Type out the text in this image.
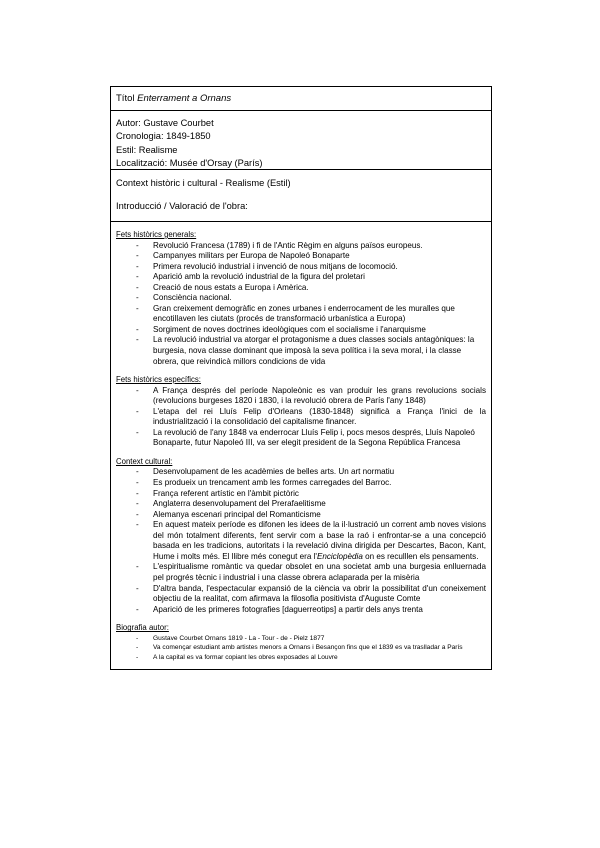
Títol Enterrament a Ornans
Autor: Gustave Courbet
Cronologia: 1849-1850
Estil: Realisme
Localització: Musée d'Orsay (París)
Context històric i cultural - Realisme (Estil)
Introducció / Valoració de l'obra:
Fets històrics generals:
- Revolució Francesa (1789) i fi de l'Antic Règim en alguns països europeus.
- Campanyes militars per Europa de Napoleó Bonaparte
- Primera revolució industrial i invenció de nous mitjans de locomoció.
- Aparició amb la revolució industrial de la figura del proletari
- Creació de nous estats a Europa i Amèrica.
- Consciència nacional.
- Gran creixement demogràfic en zones urbanes i enderrocament de les muralles que encotillaven les ciutats (procés de transformació urbanística a Europa)
- Sorgiment de noves doctrines ideològiques com el socialisme i l'anarquisme
- La revolució industrial va atorgar el protagonisme a dues classes socials antagòniques: la burgesia, nova classe dominant que imposà la seva política i la seva moral, i la classe obrera, que reivindicà millors condicions de vida
Fets històrics específics:
- A França després del període Napoleònic es van produir les grans revolucions socials (revolucions burgeses 1820 i 1830, i la revolució obrera de París l'any 1848)
- L'etapa del rei Lluís Felip d'Orleans (1830-1848) significà a França l'inici de la industrialització i la consolidació del capitalisme financer.
- La revolució de l'any 1848 va enderrocar Lluís Felip i, pocs mesos després, Lluís Napoleó Bonaparte, futur Napoleó III, va ser elegit president de la Segona República Francesa
Context cultural:
- Desenvolupament de les acadèmies de belles arts. Un art normatiu
- Es produeix un trencament amb les formes carregades del Barroc.
- França referent artístic en l'àmbit pictòric
- Anglaterra desenvolupament del Prerafaelitisme
- Alemanya escenari principal del Romanticisme
- En aquest mateix període es difonen les idees de la il·lustració un corrent amb noves visions del món totalment diferents, fent servir com a base la raó i enfrontar-se a una concepció basada en les tradicions, autoritats i la revelació divina dirigida per Descartes, Bacon, Kant, Hume i molts més. El llibre més conegut era l'Enciclopèdia on es reculllen els pensaments.
- L'espiritualisme romàntic va quedar obsolet en una societat amb una burgesia enlluernada pel progrés tècnic i industrial i una classe obrera aclaparada per la misèria
- D'altra banda, l'espectacular expansió de la ciència va obrir la possibilitat d'un coneixement objectiu de la realitat, com afirmava la filosofia positivista d'Auguste Comte
- Aparició de les primeres fotografies [daguerreotips] a partir dels anys trenta
Biografia autor:
- Gustave Courbet Ornans 1819 - La - Tour - de - Pielz 1877
- Va començar estudiant amb artistes menors a Ornans i Besançon fins que el 1839 es va traslladar a París
- A la capital es va formar copiant les obres exposades al Louvre
